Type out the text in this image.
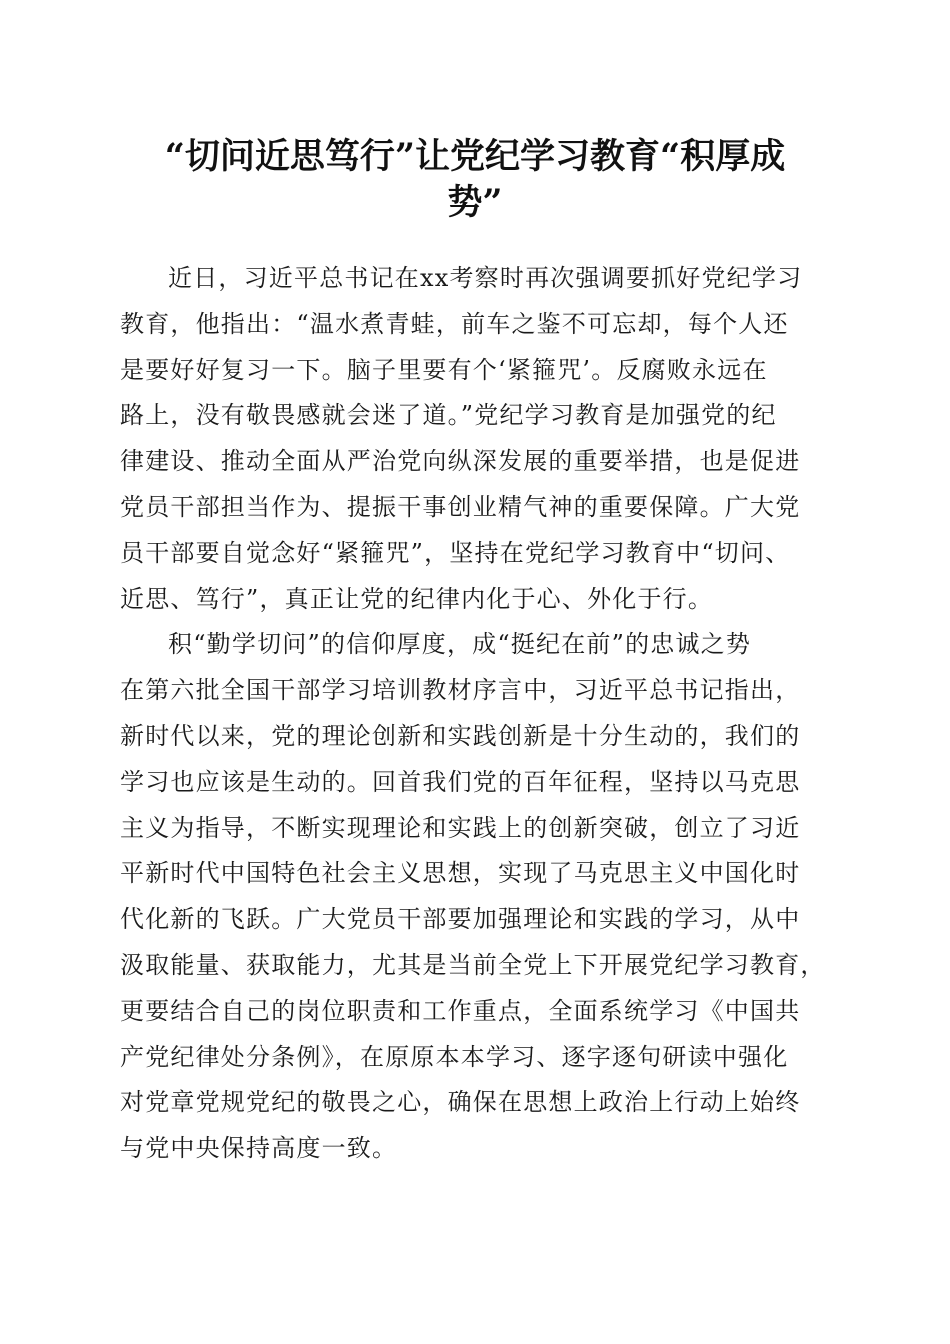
“切问近思笃行”让党纪学习教育“积厚成
势”
近日，习近平总书记在xx考察时再次强调要抓好党纪学习
教育，他指出：“温水煮青蛙，前车之鉴不可忘却，每个人还
是要好好复习一下。脑子里要有个‘紧箍咒’。反腐败永远在
路上，没有敬畏感就会迷了道。”党纪学习教育是加强党的纪
律建设、推动全面从严治党向纵深发展的重要举措，也是促进
党员干部担当作为、提振干事创业精气神的重要保障。广大党
员干部要自觉念好“紧箍咒”，坚持在党纪学习教育中“切问、
近思、笃行”，真正让党的纪律内化于心、外化于行。
积“勤学切问”的信仰厚度，成“挺纪在前”的忠诚之势
在第六批全国干部学习培训教材序言中，习近平总书记指出，
新时代以来，党的理论创新和实践创新是十分生动的，我们的
学习也应该是生动的。回首我们党的百年征程，坚持以马克思
主义为指导，不断实现理论和实践上的创新突破，创立了习近
平新时代中国特色社会主义思想，实现了马克思主义中国化时
代化新的飞跃。广大党员干部要加强理论和实践的学习，从中
汲取能量、获取能力，尤其是当前全党上下开展党纪学习教育，
更要结合自己的岗位职责和工作重点，全面系统学习《中国共
产党纪律处分条例》，在原原本本学习、逐字逐句研读中强化
对党章党规党纪的敬畏之心，确保在思想上政治上行动上始终
与党中央保持高度一致。
